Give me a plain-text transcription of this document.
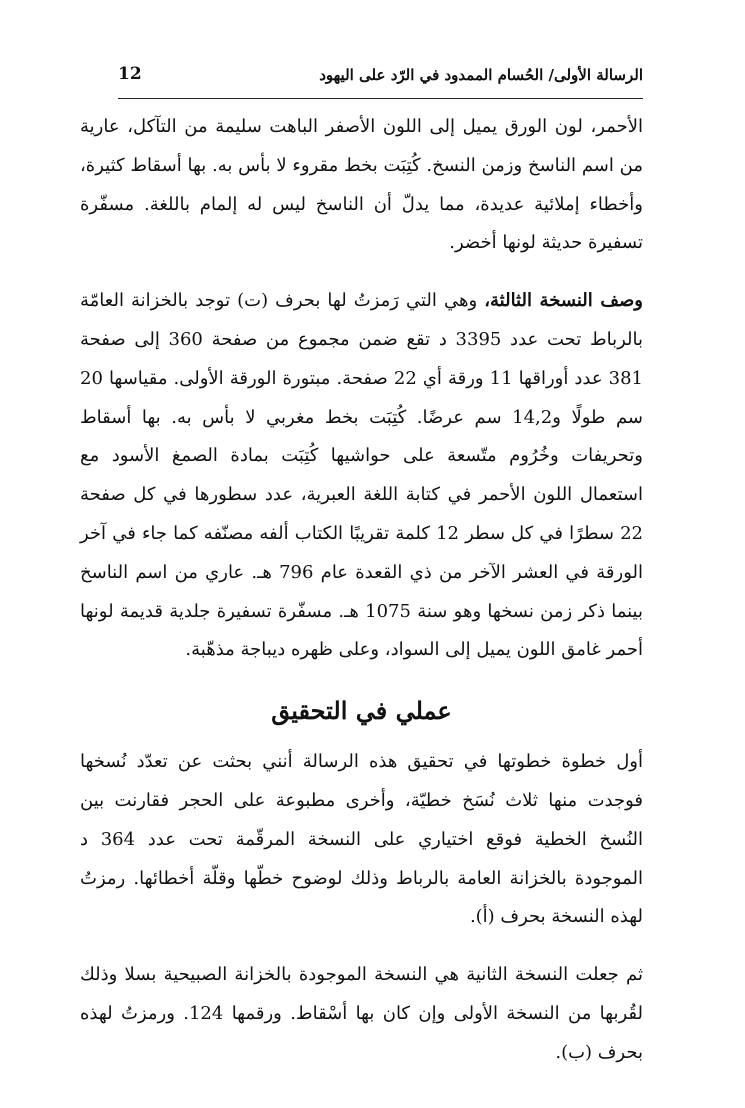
الرسالة الأولى/ الحُسام الممدود في الرّد على اليهود
12

الأحمر، لون الورق يميل إلى اللون الأصفر الباهت سليمة من التآكل، عارية من اسم الناسخ وزمن النسخ. كُتِبَت بخط مقروء لا بأس به. بها أسقاط كثيرة، وأخطاء إملائية عديدة، مما يدلّ أن الناسخ ليس له إلمام باللغة. مسفّرة تسفيرة حديثة لونها أخضر.

وصف النسخة الثالثة، وهي التي رَمزتُ لها بحرف (ت) توجد بالخزانة العامّة بالرباط تحت عدد 3395 د تقع ضمن مجموع من صفحة 360 إلى صفحة 381 عدد أوراقها 11 ورقة أي 22 صفحة. مبتورة الورقة الأولى. مقياسها 20 سم طولًا و14,2 سم عرضًا. كُتِبَت بخط مغربي لا بأس به. بها أسقاط وتحريفات وخُرُوم متّسعة على حواشيها كُتِبَت بمادة الصمغ الأسود مع استعمال اللون الأحمر في كتابة اللغة العبرية، عدد سطورها في كل صفحة 22 سطرًا في كل سطر 12 كلمة تقريبًا الكتاب ألفه مصنّفه كما جاء في آخر الورقة في العشر الآخر من ذي القعدة عام 796 هـ. عاري من اسم الناسخ بينما ذكر زمن نسخها وهو سنة 1075 هـ. مسفّرة تسفيرة جلدية قديمة لونها أحمر غامق اللون يميل إلى السواد، وعلى ظهره ديباجة مذهّبة.

عملي في التحقيق

أول خطوة خطوتها في تحقيق هذه الرسالة أنني بحثت عن تعدّد نُسخها فوجدت منها ثلاث نُسَخ خطيّة، وأخرى مطبوعة على الحجر فقارنت بين النُسخ الخطية فوقع اختياري على النسخة المرقّمة تحت عدد 364 د الموجودة بالخزانة العامة بالرباط وذلك لوضوح خطّها وقلّة أخطائها. رمزتُ لهذه النسخة بحرف (أ).

ثم جعلت النسخة الثانية هي النسخة الموجودة بالخزانة الصبيحية بسلا وذلك لقُربها من النسخة الأولى وإن كان بها أسْقاط. ورقمها 124. ورمزتُ لهذه بحرف (ب).
